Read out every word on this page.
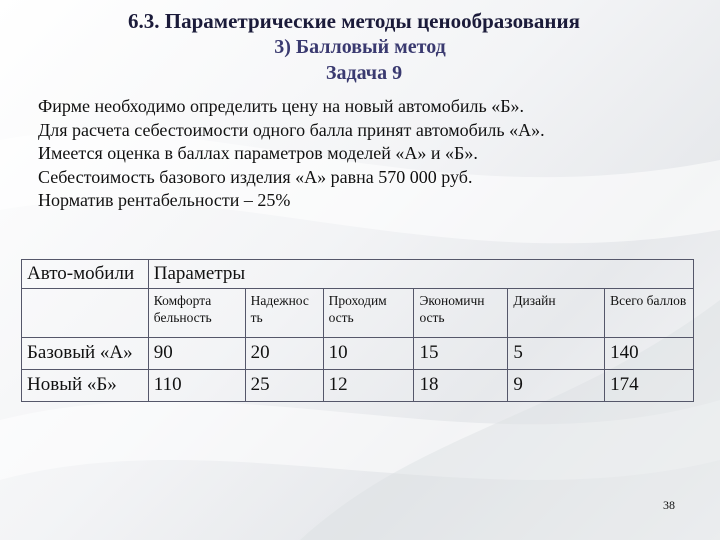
6.3. Параметрические методы ценообразования
3) Балловый метод
Задача 9
Фирме необходимо определить цену на новый автомобиль «Б».
Для расчета себестоимости одного балла принят автомобиль «А».
Имеется оценка в баллах параметров моделей «А» и «Б».
Себестоимость базового изделия «А» равна 570 000 руб.
Норматив рентабельности – 25%
Авто-мобили	Параметры					
	Комфорта бельность	Надежнос ть	Проходим ость	Экономичн ость	Дизайн	Всего баллов
Базовый «А»	90	20	10	15	5	140
Новый «Б»	110	25	12	18	9	174
38
